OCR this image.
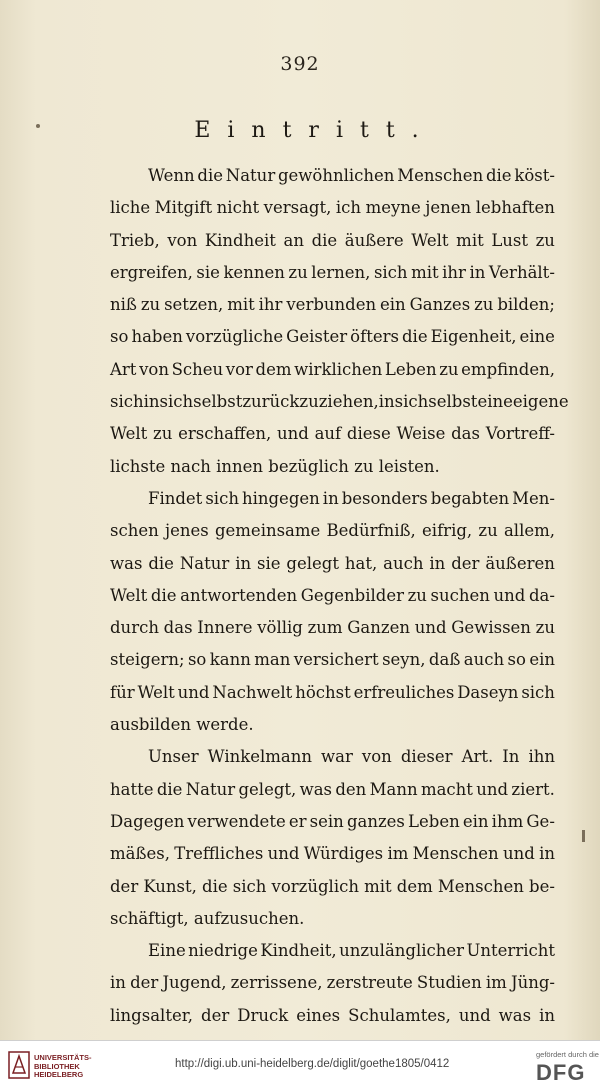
392
Eintritt.
Wenn die Natur gewöhnlichen Menschen die köst-
liche Mitgift nicht versagt, ich meyne jenen lebhaften
Trieb, von Kindheit an die äußere Welt mit Lust zu
ergreifen, sie kennen zu lernen, sich mit ihr in Verhält-
niß zu setzen, mit ihr verbunden ein Ganzes zu bilden;
so haben vorzügliche Geister öfters die Eigenheit, eine
Art von Scheu vor dem wirklichen Leben zu empfinden,
sich in sich selbst zurückzuziehen, in sich selbst eine eigene
Welt zu erschaffen, und auf diese Weise das Vortreff-
lichste nach innen bezüglich zu leisten.
Findet sich hingegen in besonders begabten Men-
schen jenes gemeinsame Bedürfniß, eifrig, zu allem,
was die Natur in sie gelegt hat, auch in der äußeren
Welt die antwortenden Gegenbilder zu suchen und da-
durch das Innere völlig zum Ganzen und Gewissen zu
steigern; so kann man versichert seyn, daß auch so ein
für Welt und Nachwelt höchst erfreuliches Daseyn sich
ausbilden werde.
Unser Winkelmann war von dieser Art. In ihn
hatte die Natur gelegt, was den Mann macht und ziert.
Dagegen verwendete er sein ganzes Leben ein ihm Ge-
mäßes, Treffliches und Würdiges im Menschen und in
der Kunst, die sich vorzüglich mit dem Menschen be-
schäftigt, aufzusuchen.
Eine niedrige Kindheit, unzulänglicher Unterricht
in der Jugend, zerrissene, zerstreute Studien im Jüng-
lingsalter, der Druck eines Schulamtes, und was in
UNIVERSITÄTS-
BIBLIOTHEK
HEIDELBERG
http://digi.ub.uni-heidelberg.de/diglit/goethe1805/0412
gefördert durch die
DFG
